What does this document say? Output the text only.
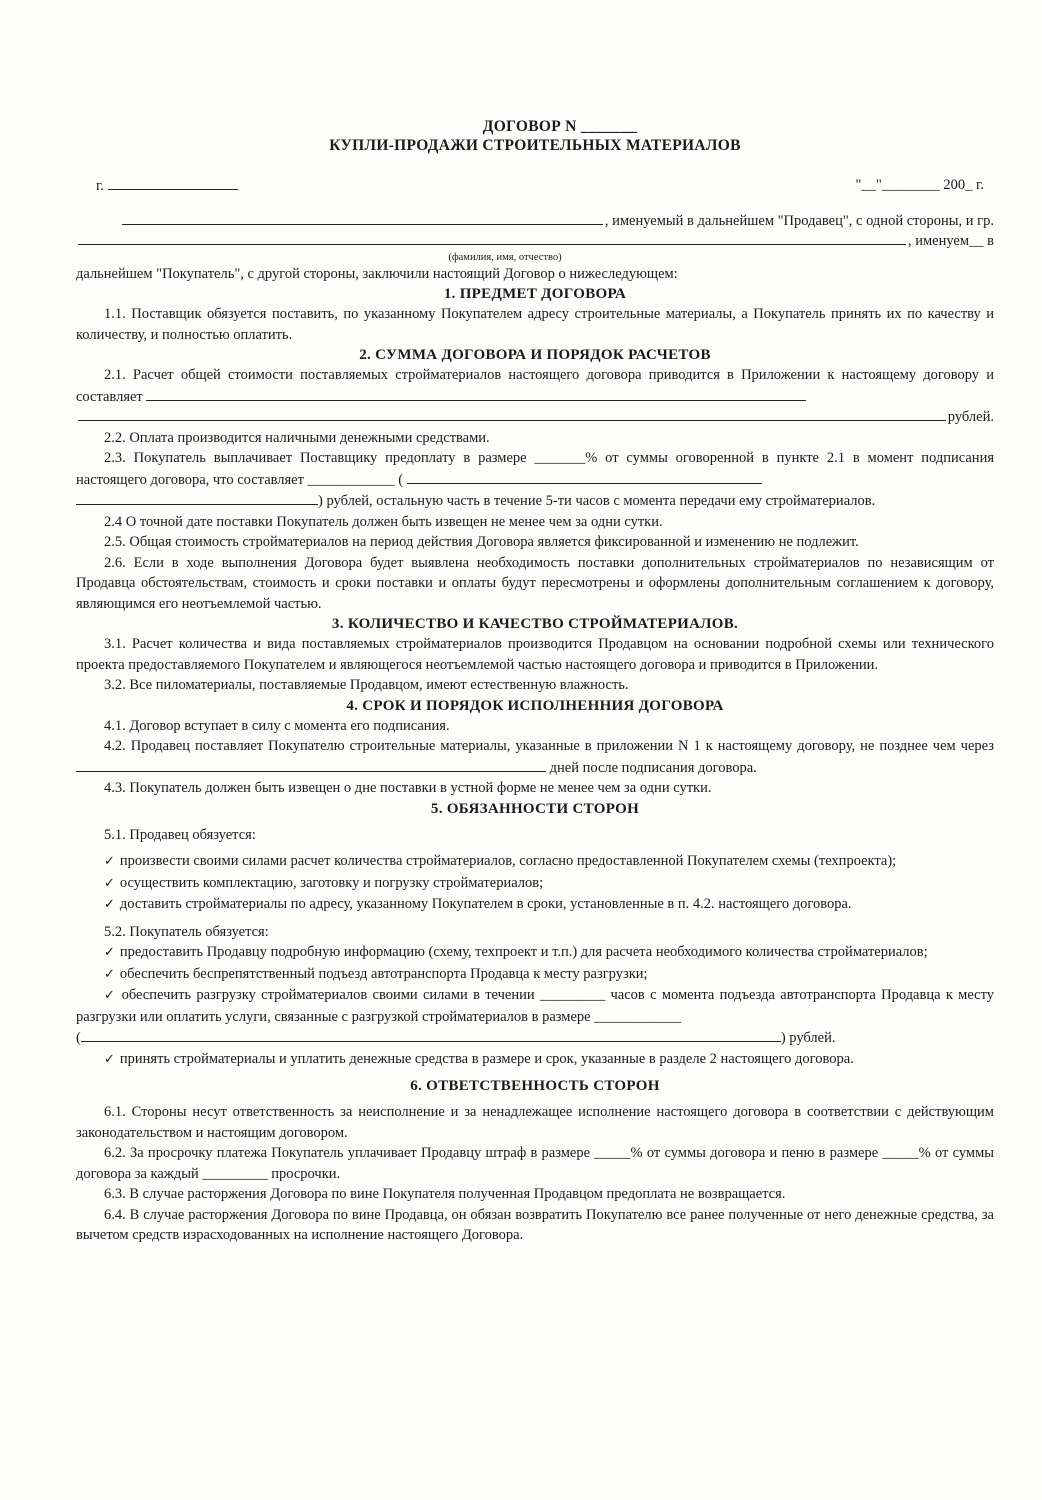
ДОГОВОР N _______
КУПЛИ-ПРОДАЖИ СТРОИТЕЛЬНЫХ МАТЕРИАЛОВ
г.	"__"________ 200_ г.
, именуемый в дальнейшем "Продавец", с одной стороны, и гр.
, именуем__ в
(фамилия, имя, отчество)
дальнейшем "Покупатель", с другой стороны, заключили настоящий Договор о нижеследующем:
1. ПРЕДМЕТ ДОГОВОРА
1.1. Поставщик обязуется поставить, по указанному Покупателем адресу строительные материалы, а Покупатель принять их по качеству и количеству, и полностью оплатить.
2. СУММА ДОГОВОРА И ПОРЯДОК РАСЧЕТОВ
2.1. Расчет общей стоимости поставляемых стройматериалов настоящего договора приводится в Приложении к настоящему договору и составляет
рублей.
2.2. Оплата производится наличными денежными средствами.
2.3. Покупатель выплачивает Поставщику предоплату в размере _______% от суммы оговоренной в пункте 2.1 в момент подписания настоящего договора, что составляет ____________ (
) рублей, остальную часть в течение 5-ти часов с момента передачи ему стройматериалов.
2.4 О точной дате поставки Покупатель должен быть извещен не менее чем за одни сутки.
2.5. Общая стоимость стройматериалов на период действия Договора является фиксированной и изменению не подлежит.
2.6. Если в ходе выполнения Договора будет выявлена необходимость поставки дополнительных стройматериалов по независящим от Продавца обстоятельствам, стоимость и сроки поставки и оплаты будут пересмотрены и оформлены дополнительным соглашением к договору, являющимся его неотъемлемой частью.
3. КОЛИЧЕСТВО И КАЧЕСТВО СТРОЙМАТЕРИАЛОВ.
3.1. Расчет количества и вида поставляемых стройматериалов производится Продавцом на основании подробной схемы или технического проекта предоставляемого Покупателем и являющегося неотъемлемой частью настоящего договора и приводится в Приложении.
3.2. Все пиломатериалы, поставляемые Продавцом, имеют естественную влажность.
4. СРОК И ПОРЯДОК ИСПОЛНЕННИЯ ДОГОВОРА
4.1. Договор вступает в силу с момента его подписания.
4.2. Продавец поставляет Покупателю строительные материалы, указанные в приложении N 1 к настоящему договору, не позднее чем через  дней после подписания договора.
4.3. Покупатель должен быть извещен о дне поставки в устной форме не менее чем за одни сутки.
5. ОБЯЗАННОСТИ СТОРОН
5.1. Продавец обязуется:
✓ произвести своими силами расчет количества стройматериалов, согласно предоставленной Покупателем схемы (техпроекта);
✓ осуществить комплектацию, заготовку и погрузку стройматериалов;
✓ доставить стройматериалы по адресу, указанному Покупателем в сроки, установленные в п. 4.2. настоящего договора.
5.2. Покупатель обязуется:
✓ предоставить Продавцу подробную информацию (схему, техпроект и т.п.) для расчета необходимого количества стройматериалов;
✓ обеспечить беспрепятственный подъезд автотранспорта Продавца к месту разгрузки;
✓ обеспечить разгрузку стройматериалов своими силами в течении _________ часов с момента подъезда автотранспорта Продавца к месту разгрузки или оплатить услуги, связанные с разгрузкой стройматериалов в размере ____________
(	) рублей.
✓ принять стройматериалы и уплатить денежные средства в размере и срок, указанные в разделе 2 настоящего договора.
6. ОТВЕТСТВЕННОСТЬ СТОРОН
6.1. Стороны несут ответственность за неисполнение и за ненадлежащее исполнение настоящего договора в соответствии с действующим законодательством и настоящим договором.
6.2. За просрочку платежа Покупатель уплачивает Продавцу штраф в размере _____% от суммы договора и пеню в размере _____% от суммы договора за каждый _________ просрочки.
6.3. В случае расторжения Договора по вине Покупателя полученная Продавцом предоплата не возвращается.
6.4. В случае расторжения Договора по вине Продавца, он обязан возвратить Покупателю все ранее полученные от него денежные средства, за вычетом средств израсходованных на исполнение настоящего Договора.
